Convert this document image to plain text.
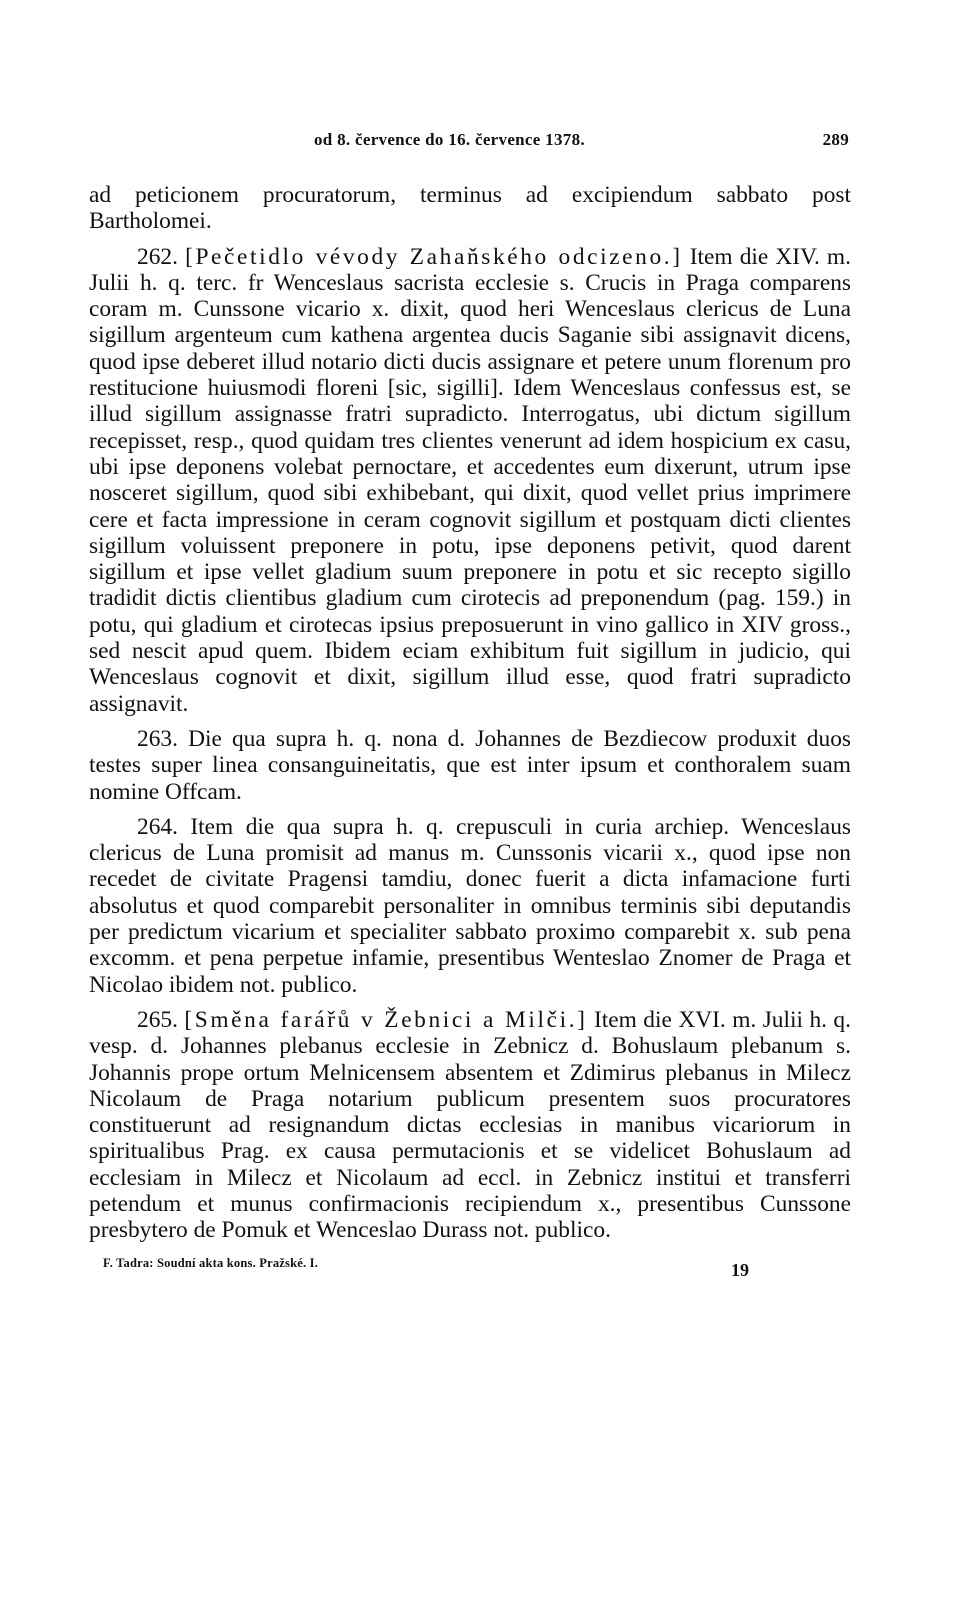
od 8. července do 16. července 1378.	289

ad peticionem procuratorum, terminus ad excipiendum sabbato post Bartholomei.

262. [Pečetidlo vévody Zahaňského odcizeno.] Item die XIV. m. Julii h. q. terc. fr Wenceslaus sacrista ecclesie s. Crucis in Praga comparens coram m. Cunssone vicario x. dixit, quod heri Wenceslaus clericus de Luna sigillum argenteum cum kathena argentea ducis Saganie sibi assignavit dicens, quod ipse deberet illud notario dicti ducis assignare et petere unum florenum pro restitucione huiusmodi floreni [sic, sigilli]. Idem Wenceslaus confessus est, se illud sigillum assignasse fratri supradicto. Interrogatus, ubi dictum sigillum recepisset, resp., quod quidam tres clientes venerunt ad idem hospicium ex casu, ubi ipse deponens volebat pernoctare, et accedentes eum dixerunt, utrum ipse nosceret sigillum, quod sibi exhibebant, qui dixit, quod vellet prius imprimere cere et facta impressione in ceram cognovit sigillum et postquam dicti clientes sigillum voluissent preponere in potu, ipse deponens petivit, quod darent sigillum et ipse vellet gladium suum preponere in potu et sic recepto sigillo tradidit dictis clientibus gladium cum cirotecis ad preponendum (pag. 159.) in potu, qui gladium et cirotecas ipsius preposuerunt in vino gallico in XIV gross., sed nescit apud quem. Ibidem eciam exhibitum fuit sigillum in judicio, qui Wenceslaus cognovit et dixit, sigillum illud esse, quod fratri supradicto assignavit.

263. Die qua supra h. q. nona d. Johannes de Bezdiecow produxit duos testes super linea consanguineitatis, que est inter ipsum et conthoralem suam nomine Offcam.

264. Item die qua supra h. q. crepusculi in curia archiep. Wenceslaus clericus de Luna promisit ad manus m. Cunssonis vicarii x., quod ipse non recedet de civitate Pragensi tamdiu, donec fuerit a dicta infamacione furti absolutus et quod comparebit personaliter in omnibus terminis sibi deputandis per predictum vicarium et specialiter sabbato proximo comparebit x. sub pena excomm. et pena perpetue infamie, presentibus Wenteslao Znomer de Praga et Nicolao ibidem not. publico.

265. [Směna farářů v Žebnici a Milči.] Item die XVI. m. Julii h. q. vesp. d. Johannes plebanus ecclesie in Zebnicz d. Bohuslaum plebanum s. Johannis prope ortum Melnicensem absentem et Zdimirus plebanus in Milecz Nicolaum de Praga notarium publicum presentem suos procuratores constituerunt ad resignandum dictas ecclesias in manibus vicariorum in spiritualibus Prag. ex causa permutacionis et se videlicet Bohuslaum ad ecclesiam in Milecz et Nicolaum ad eccl. in Zebnicz institui et transferri petendum et munus confirmacionis recipiendum x., presentibus Cunssone presbytero de Pomuk et Wenceslao Durass not. publico.

F. Tadra: Soudní akta kons. Pražské. I.	19
